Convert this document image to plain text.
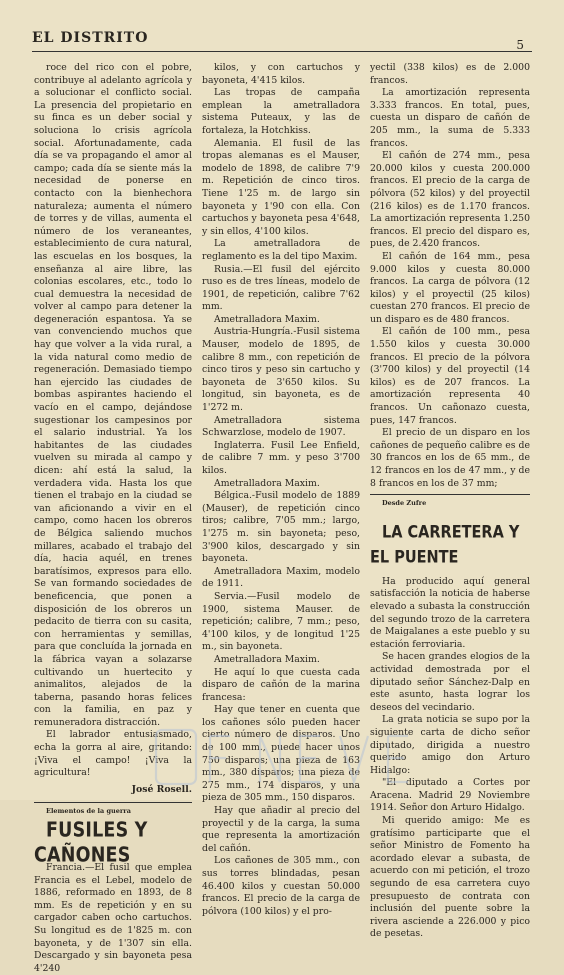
EL DISTRITO	5

roce del rico con el pobre, contribuye al adelanto agrícola y a solucionar el conflicto social. La presencia del propietario en su finca es un deber social y soluciona lo crisis agrícola social. Afortunadamente, cada día se va propagando el amor al campo; cada día se siente más la necesidad de ponerse en contacto con la bienhechora naturaleza; aumenta el número de torres y de villas, aumenta el número de los veraneantes, establecimiento de cura natural, las escuelas en los bosques, la enseñanza al aire libre, las colonias escolares, etc., todo lo cual demuestra la necesidad de volver al campo para detener la degeneración espantosa. Ya se van convenciendo muchos que hay que volver a la vida rural, a la vida natural como medio de regeneración. Demasiado tiempo han ejercido las ciudades de bombas aspirantes haciendo el vacío en el campo, dejándose sugestionar los campesinos por el salario industrial. Ya los habitantes de las ciudades vuelven su mirada al campo y dicen: ahí está la salud, la verdadera vida. Hasta los que tienen el trabajo en la ciudad se van aficionando a vivir en el campo, como hacen los obreros de Bélgica saliendo muchos millares, acabado el trabajo del día, hacia aquél, en trenes baratísimos, expresos para ello. Se van formando sociedades de beneficencia, que ponen a disposición de los obreros un pedacito de tierra con su casita, con herramientas y semillas, para que concluída la jornada en la fábrica vayan a solazarse cultivando un huertecito y animalitos, alejados de la taberna, pasando horas felices con la familia, en paz y remuneradora distracción.

El labrador entusiasmado, echa la gorra al aire, gritando: ¡Viva el campo! ¡Viva la agricultura!

José Rosell.

Elementos de la guerra

FUSILES Y CAÑONES

Francia.—El fusil que emplea Francia es el Lebel, modelo de 1886, reformado en 1893, de 8 mm. Es de repetición y en su cargador caben ocho cartuchos. Su longitud es de 1'825 m. con bayoneta, y de 1'307 sin ella. Descargado y sin bayoneta pesa 4'240

kilos, y con cartuchos y bayoneta, 4'415 kilos.

Las tropas de campaña emplean la ametralladora sistema Puteaux, y las de fortaleza, la Hotchkiss.

Alemania. El fusil de las tropas alemanas es el Mauser, modelo de 1898, de calibre 7'9 m. Repetición de cinco tiros. Tiene 1'25 m. de largo sin bayoneta y 1'90 con ella. Con cartuchos y bayoneta pesa 4'648, y sin ellos, 4'100 kilos.

La ametralladora de reglamento es la del tipo Maxim.

Rusia.—El fusil del ejército ruso es de tres líneas, modelo de 1901, de repetición, calibre 7'62 mm.

Ametralladora Maxim.

Austria-Hungría.-Fusil sistema Mauser, modelo de 1895, de calibre 8 mm., con repetición de cinco tiros y peso sin cartucho y bayoneta de 3'650 kilos. Su longitud, sin bayoneta, es de 1'272 m.

Ametralladora sistema Schwarzlose, modelo de 1907.

Inglaterra. Fusil Lee Enfield, de calibre 7 mm. y peso 3'700 kilos.

Ametralladora Maxim.

Bélgica.-Fusil modelo de 1889 (Mauser), de repetición cinco tiros; calibre, 7'05 mm.; largo, 1'275 m. sin bayoneta; peso, 3'900 kilos, descargado y sin bayoneta.

Ametralladora Maxim, modelo de 1911.

Servia.—Fusil modelo de 1900, sistema Mauser. de repetición; calibre, 7 mm.; peso, 4'100 kilos, y de longitud 1'25 m., sin bayoneta.

Ametralladora Maxim.

He aquí lo que cuesta cada disparo de cañón de la marina francesa:

Hay que tener en cuenta que los cañones sólo pueden hacer cierto número de disparos. Uno de 100 mm., puede hacer unos 750 disparos; una pieza de 163 mm., 380 disparos; una pieza de 275 mm., 174 disparos, y una pieza de 305 mm., 150 disparos.

Hay que añadir al precio del proyectil y de la carga, la suma que representa la amortización del cañón.

Los cañones de 305 mm., con sus torres blindadas, pesan 46.400 kilos y cuestan 50.000 francos. El precio de la carga de pólvora (100 kilos) y el pro-

yectil (338 kilos) es de 2.000 francos.

La amortización representa 3.333 francos. En total, pues, cuesta un disparo de cañón de 205 mm., la suma de 5.333 francos.

El cañón de 274 mm., pesa 20.000 kilos y cuesta 200.000 francos. El precio de la carga de pólvora (52 kilos) y del proyectil (216 kilos) es de 1.170 francos. La amortización representa 1.250 francos. El precio del disparo es, pues, de 2.420 francos.

El cañón de 164 mm., pesa 9.000 kilos y cuesta 80.000 francos. La carga de pólvora (12 kilos) y el proyectil (25 kilos) cuestan 270 francos. El precio de un disparo es de 480 francos.

El cañón de 100 mm., pesa 1.550 kilos y cuesta 30.000 francos. El precio de la pólvora (3'700 kilos) y del proyectil (14 kilos) es de 207 francos. La amortización representa 40 francos. Un cañonazo cuesta, pues, 147 francos.

El precio de un disparo en los cañones de pequeño calibre es de 30 francos en los de 65 mm., de 12 francos en los de 47 mm., y de 8 francos en los de 37 mm;

Desde Zufre

LA CARRETERA Y EL PUENTE

Ha producido aquí general satisfacción la noticia de haberse elevado a subasta la construcción del segundo trozo de la carretera de Maigalanes a este pueblo y su estación ferroviaria.

Se hacen grandes elogios de la actividad demostrada por el diputado señor Sánchez-Dalp en este asunto, hasta lograr los deseos del vecindario.

La grata noticia se supo por la siguiente carta de dicho señor diputado, dirigida a nuestro querido amigo don Arturo Hidalgo:

"El diputado a Cortes por Aracena. Madrid 29 Noviembre 1914. Señor don Arturo Hidalgo.

Mi querido amigo: Me es gratísimo participarte que el señor Ministro de Fomento ha acordado elevar a subasta, de acuerdo con mi petición, el trozo segundo de esa carretera cuyo presupuesto de contrata con inclusión del puente sobre la rivera asciende a 226.000 y pico de pesetas.
